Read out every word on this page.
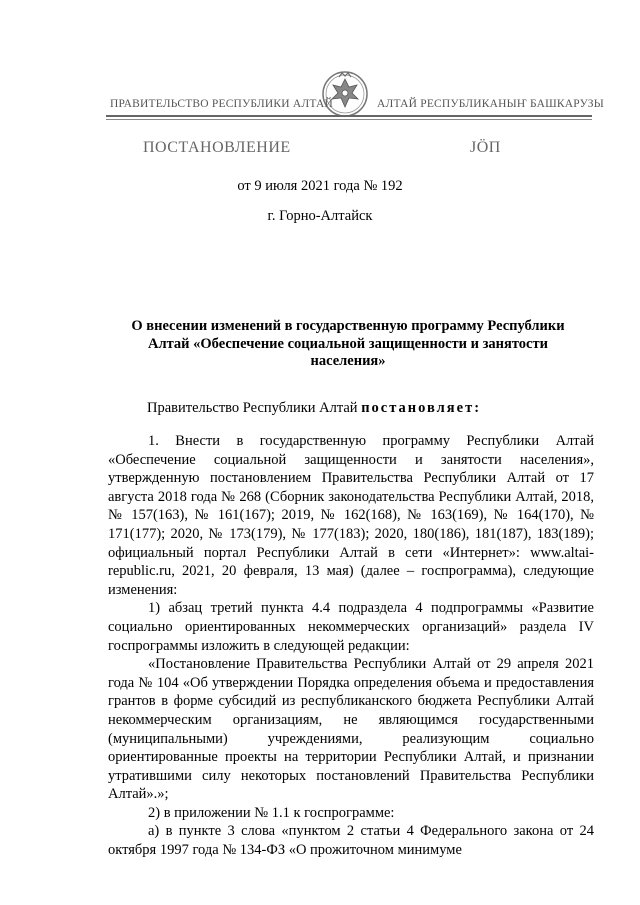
ПРАВИТЕЛЬСТВО РЕСПУБЛИКИ АЛТАЙ	АЛТАЙ РЕСПУБЛИКАНЫҤ БАШКАРУЗЫ
ПОСТАНОВЛЕНИЕ	ЈӦП
от 9 июля 2021 года № 192
г. Горно-Алтайск
О внесении изменений в государственную программу Республики Алтай «Обеспечение социальной защищенности и занятости населения»
Правительство Республики Алтай постановляет:

1. Внести в государственную программу Республики Алтай «Обеспечение социальной защищенности и занятости населения», утвержденную постановлением Правительства Республики Алтай от 17 августа 2018 года № 268 (Сборник законодательства Республики Алтай, 2018, № 157(163), № 161(167); 2019, № 162(168), № 163(169), № 164(170), № 171(177); 2020, № 173(179), № 177(183); 2020, 180(186), 181(187), 183(189); официальный портал Республики Алтай в сети «Интернет»: www.altai-republic.ru, 2021, 20 февраля, 13 мая) (далее – госпрограмма), следующие изменения:

1) абзац третий пункта 4.4 подраздела 4 подпрограммы «Развитие социально ориентированных некоммерческих организаций» раздела IV госпрограммы изложить в следующей редакции:

«Постановление Правительства Республики Алтай от 29 апреля 2021 года № 104 «Об утверждении Порядка определения объема и предоставления грантов в форме субсидий из республиканского бюджета Республики Алтай некоммерческим организациям, не являющимся государственными (муниципальными) учреждениями, реализующим социально ориентированные проекты на территории Республики Алтай, и признании утратившими силу некоторых постановлений Правительства Республики Алтай».»;

2) в приложении № 1.1 к госпрограмме:

а) в пункте 3 слова «пунктом 2 статьи 4 Федерального закона от 24 октября 1997 года № 134-ФЗ «О прожиточном минимуме
